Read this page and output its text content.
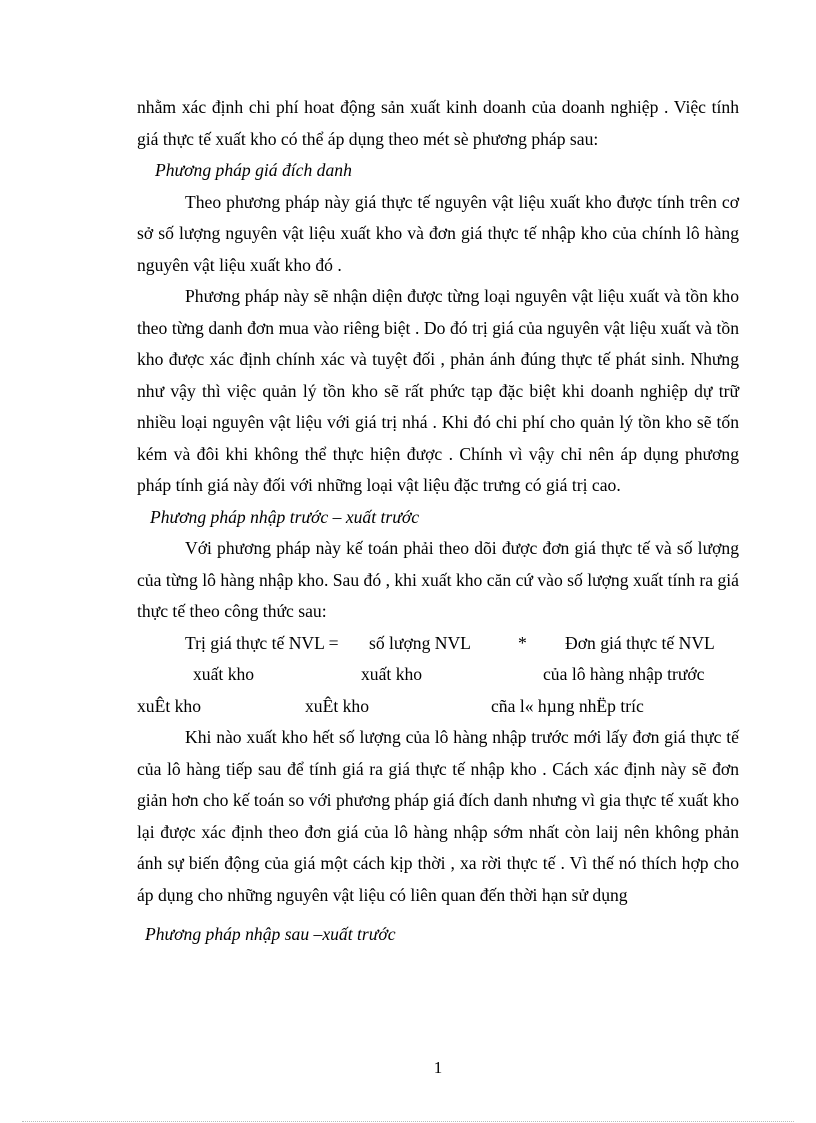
nhằm xác định chi phí hoat động sản xuất kinh doanh của doanh nghiệp . Việc tính giá thực tế xuất kho có thể áp dụng theo mét sè phương pháp sau:

Phương pháp giá đích danh

Theo phương pháp này giá thực tế nguyên vật liệu xuất kho được tính trên cơ sở số lượng nguyên vật liệu xuất kho và đơn giá thực tế nhập kho của chính lô hàng nguyên vật liệu xuất kho đó .

Phương pháp này sẽ nhận diện được từng loại nguyên vật liệu xuất và tồn kho theo từng danh đơn mua vào riêng biệt . Do đó trị giá của nguyên vật liệu xuất và tồn kho được xác định chính xác và tuyệt đối , phản ánh đúng thực tế phát sinh. Nhưng như vậy thì việc quản lý tồn kho sẽ rất phức tạp đặc biệt khi doanh nghiệp dự trữ nhiều loại nguyên vật liệu với giá trị nhá . Khi đó chi phí cho quản lý tồn kho sẽ tốn kém và đôi khi không thể thực hiện được . Chính vì vậy chỉ nên áp dụng phương pháp tính giá này đối với những loại vật liệu đặc trưng có giá trị cao.

Phương pháp nhập trước – xuất trước

Với phương pháp này kế toán phải theo dõi được đơn giá thực tế và số lượng của từng lô hàng nhập kho. Sau đó , khi xuất kho căn cứ vào số lượng xuất tính ra giá thực tế theo công thức sau:

Trị giá thực tế NVL = số lượng NVL	* Đơn giá thực tế NVL
xuất kho	xuất kho	của lô hàng nhập trước
xuÊt kho	xuÊt kho	cña l« hµng nhËp tríc

Khi nào xuất kho hết số lượng của lô hàng nhập trước mới lấy đơn giá thực tế của lô hàng tiếp sau để tính giá ra giá thực tế nhập kho . Cách xác định này sẽ đơn giản hơn cho kế toán so với phương pháp giá đích danh nhưng vì gia thực tế xuất kho lại được xác định theo đơn giá của lô hàng nhập sớm nhất còn laij nên không phản ánh sự biến động của giá một cách kịp thời , xa rời thực tế . Vì thế nó thích hợp cho áp dụng cho những nguyên vật liệu có liên quan đến thời hạn sử dụng

Phương pháp nhập sau –xuất trước

1
